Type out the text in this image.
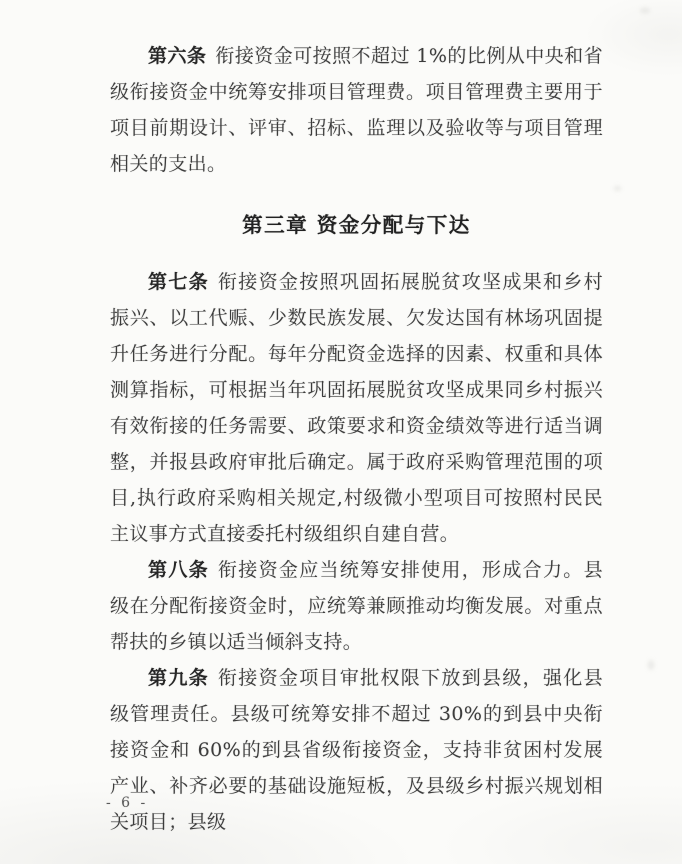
第六条 衔接资金可按照不超过 1%的比例从中央和省级衔接资金中统筹安排项目管理费。项目管理费主要用于项目前期设计、评审、招标、监理以及验收等与项目管理相关的支出。

第三章 资金分配与下达

第七条 衔接资金按照巩固拓展脱贫攻坚成果和乡村振兴、以工代赈、少数民族发展、欠发达国有林场巩固提升任务进行分配。每年分配资金选择的因素、权重和具体测算指标，可根据当年巩固拓展脱贫攻坚成果同乡村振兴有效衔接的任务需要、政策要求和资金绩效等进行适当调整，并报县政府审批后确定。属于政府采购管理范围的项目,执行政府采购相关规定,村级微小型项目可按照村民民主议事方式直接委托村级组织自建自营。

第八条 衔接资金应当统筹安排使用，形成合力。县级在分配衔接资金时，应统筹兼顾推动均衡发展。对重点帮扶的乡镇以适当倾斜支持。

第九条 衔接资金项目审批权限下放到县级，强化县级管理责任。县级可统筹安排不超过 30%的到县中央衔接资金和 60%的到县省级衔接资金，支持非贫困村发展产业、补齐必要的基础设施短板，及县级乡村振兴规划相关项目；县级

- 6 -
